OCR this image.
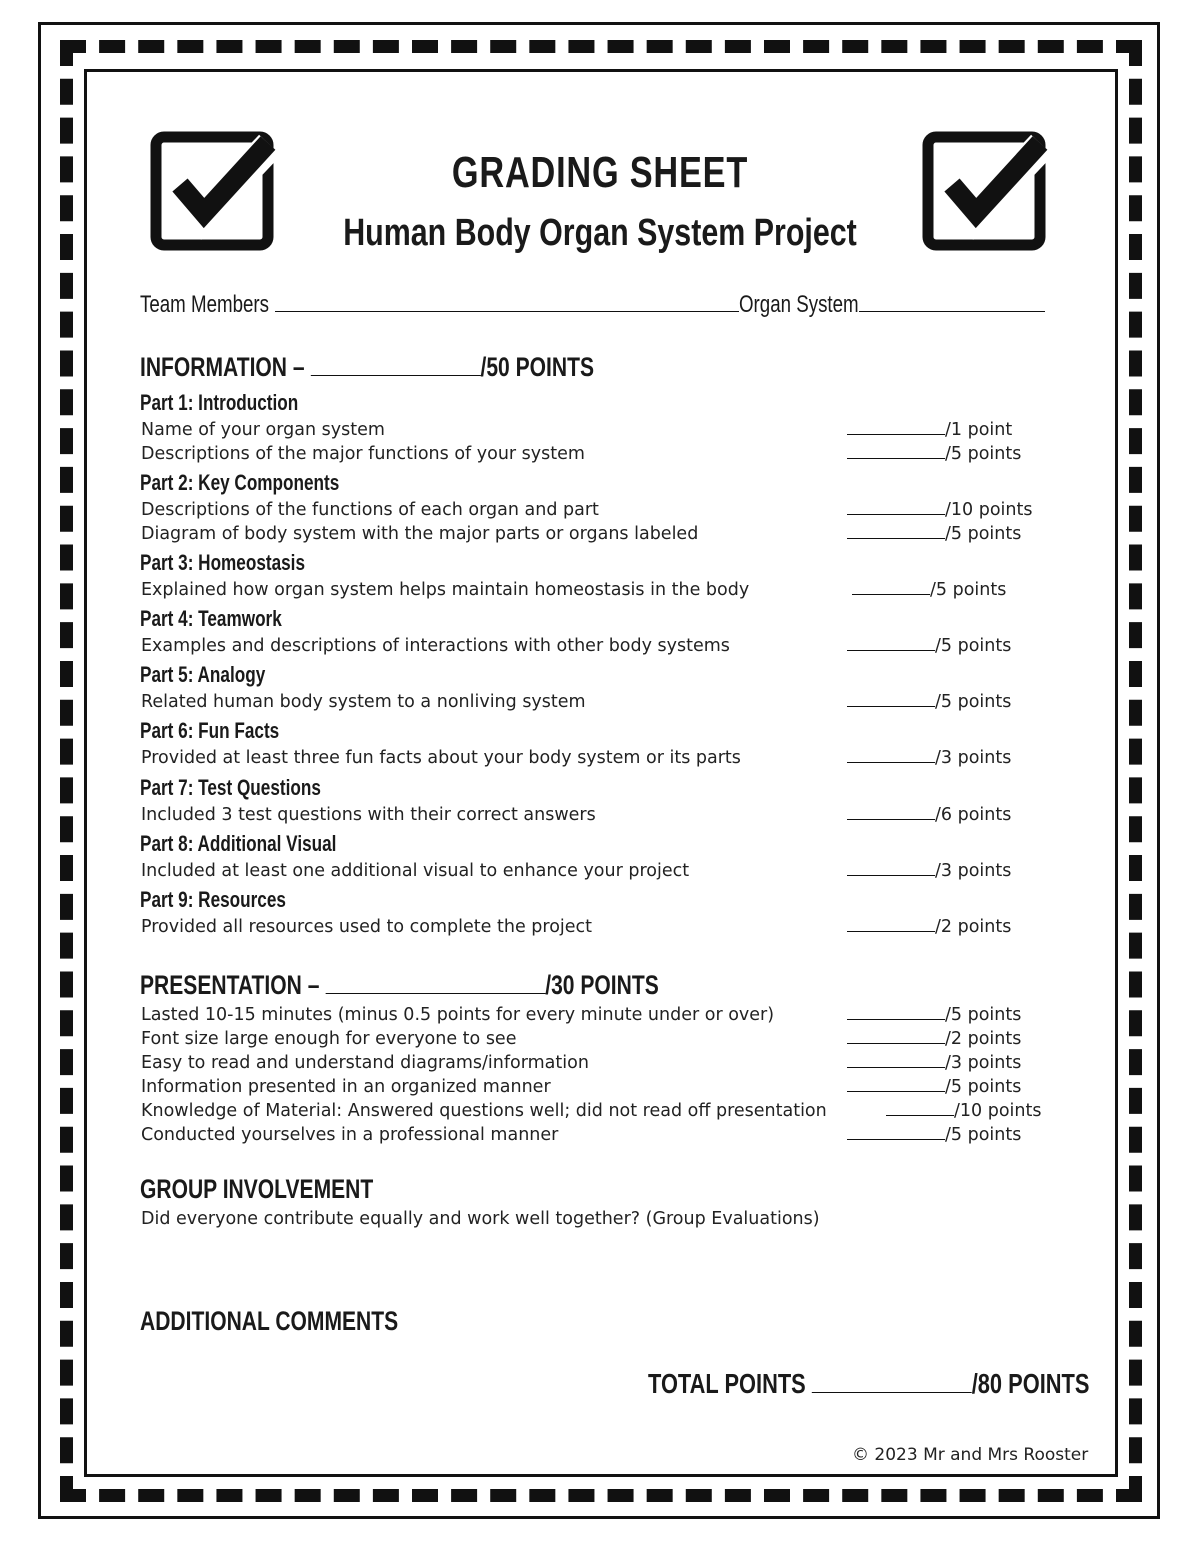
GRADING SHEET
Human Body Organ System Project
Team Members	Organ System
INFORMATION –	/50 POINTS
Part 1: Introduction
Name of your organ system	/1 point
Descriptions of the major functions of your system	/5 points
Part 2: Key Components
Descriptions of the functions of each organ and part	/10 points
Diagram of body system with the major parts or organs labeled	/5 points
Part 3: Homeostasis
Explained how organ system helps maintain homeostasis in the body	/5 points
Part 4: Teamwork
Examples and descriptions of interactions with other body systems	/5 points
Part 5: Analogy
Related human body system to a nonliving system	/5 points
Part 6: Fun Facts
Provided at least three fun facts about your body system or its parts	/3 points
Part 7: Test Questions
Included 3 test questions with their correct answers	/6 points
Part 8: Additional Visual
Included at least one additional visual to enhance your project	/3 points
Part 9: Resources
Provided all resources used to complete the project	/2 points
PRESENTATION –	/30 POINTS
Lasted 10-15 minutes (minus 0.5 points for every minute under or over)	/5 points
Font size large enough for everyone to see	/2 points
Easy to read and understand diagrams/information	/3 points
Information presented in an organized manner	/5 points
Knowledge of Material: Answered questions well; did not read off presentation	/10 points
Conducted yourselves in a professional manner	/5 points
GROUP INVOLVEMENT
Did everyone contribute equally and work well together? (Group Evaluations)
ADDITIONAL COMMENTS
TOTAL POINTS	/80 POINTS
© 2023 Mr and Mrs Rooster
